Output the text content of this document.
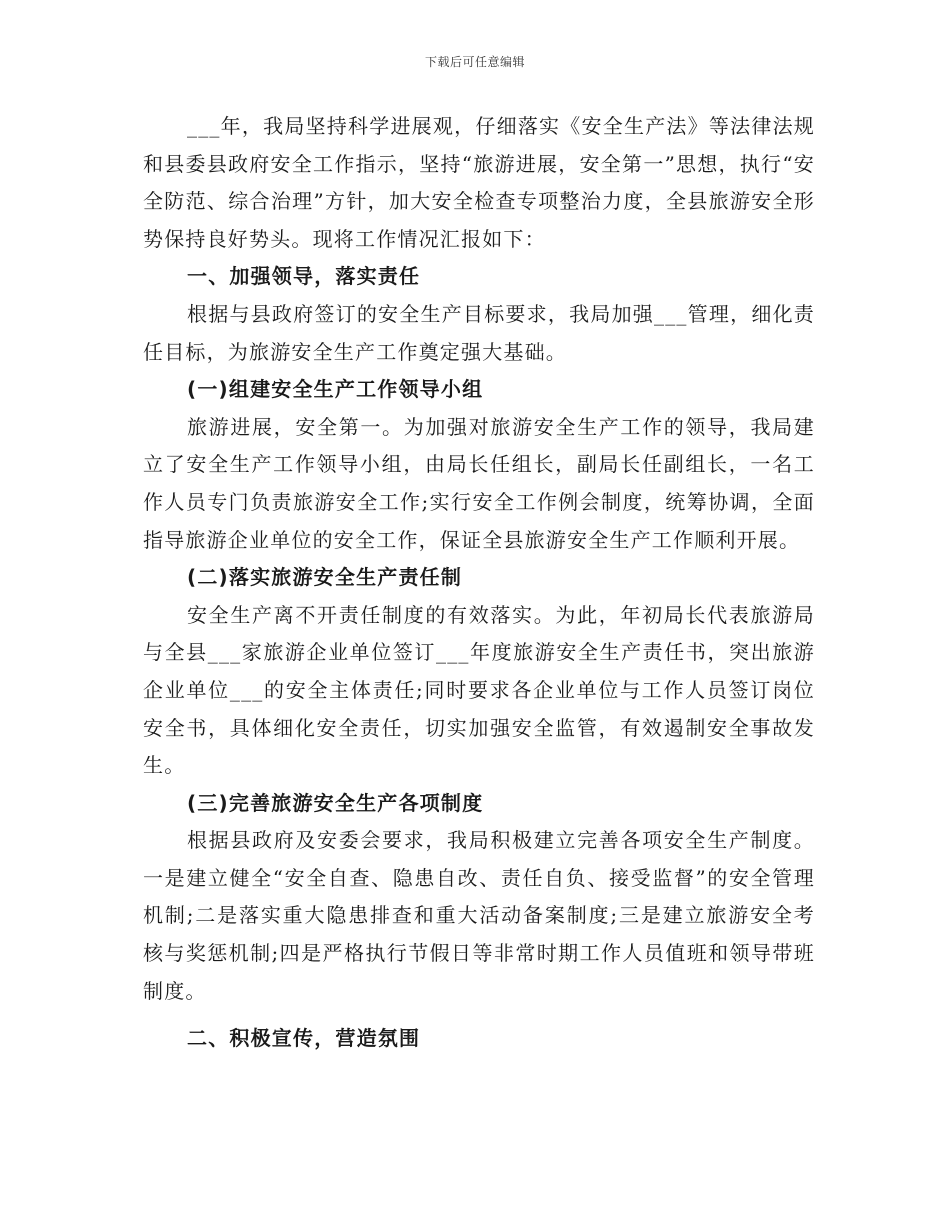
下载后可任意编辑

___年，我局坚持科学进展观，仔细落实《安全生产法》等法律法规和县委县政府安全工作指示，坚持“旅游进展，安全第一”思想，执行“安全防范、综合治理”方针，加大安全检查专项整治力度，全县旅游安全形势保持良好势头。现将工作情况汇报如下：

一、加强领导，落实责任

根据与县政府签订的安全生产目标要求，我局加强___管理，细化责任目标，为旅游安全生产工作奠定强大基础。

(一)组建安全生产工作领导小组

旅游进展，安全第一。为加强对旅游安全生产工作的领导，我局建立了安全生产工作领导小组，由局长任组长，副局长任副组长，一名工作人员专门负责旅游安全工作;实行安全工作例会制度，统筹协调，全面指导旅游企业单位的安全工作，保证全县旅游安全生产工作顺利开展。

(二)落实旅游安全生产责任制

安全生产离不开责任制度的有效落实。为此，年初局长代表旅游局与全县___家旅游企业单位签订___年度旅游安全生产责任书，突出旅游企业单位___的安全主体责任;同时要求各企业单位与工作人员签订岗位安全书，具体细化安全责任，切实加强安全监管，有效遏制安全事故发生。

(三)完善旅游安全生产各项制度

根据县政府及安委会要求，我局积极建立完善各项安全生产制度。一是建立健全“安全自查、隐患自改、责任自负、接受监督”的安全管理机制;二是落实重大隐患排查和重大活动备案制度;三是建立旅游安全考核与奖惩机制;四是严格执行节假日等非常时期工作人员值班和领导带班制度。

二、积极宣传，营造氛围
